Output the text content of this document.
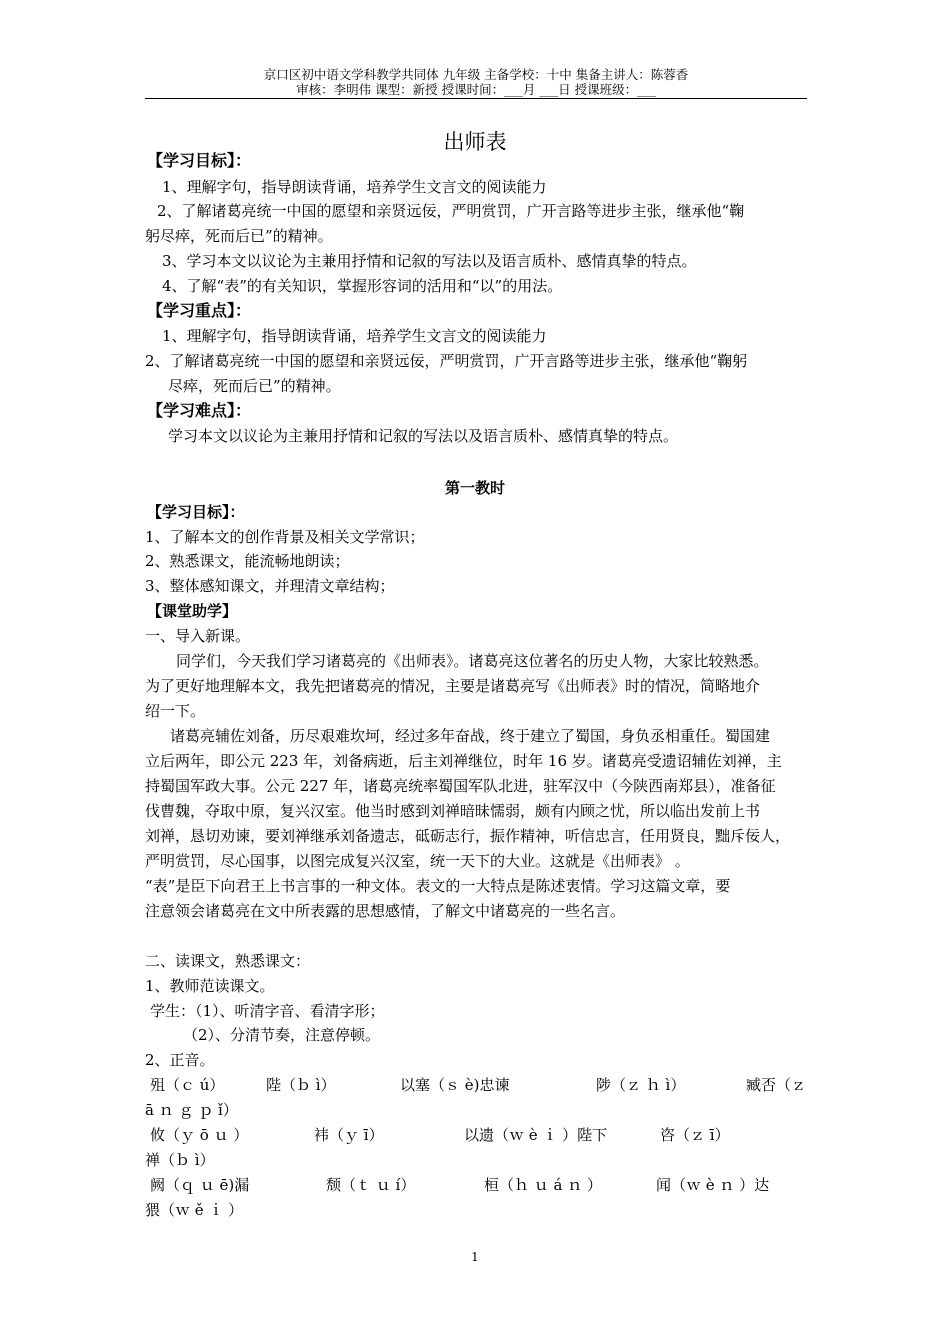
京口区初中语文学科教学共同体 九年级 主备学校：十中 集备主讲人：陈蓉香
审核：李明伟 课型：新授 授课时间：___月 ___日 授课班级：___
出师表
【学习目标】：
1、理解字句，指导朗读背诵，培养学生文言文的阅读能力
2、了解诸葛亮统一中国的愿望和亲贤远佞，严明赏罚，广开言路等进步主张，继承他“鞠
躬尽瘁，死而后已”的精神。
3、学习本文以议论为主兼用抒情和记叙的写法以及语言质朴、感情真挚的特点。
4、了解“表”的有关知识，掌握形容词的活用和“以”的用法。
【学习重点】：
1、理解字句，指导朗读背诵，培养学生文言文的阅读能力
2、了解诸葛亮统一中国的愿望和亲贤远佞，严明赏罚，广开言路等进步主张，继承他“鞠躬
尽瘁，死而后已”的精神。
【学习难点】：
学习本文以议论为主兼用抒情和记叙的写法以及语言质朴、感情真挚的特点。
第一教时
【学习目标】：
1、了解本文的创作背景及相关文学常识；
2、熟悉课文，能流畅地朗读；
3、整体感知课文，并理清文章结构；
【课堂助学】
一、导入新课。
同学们，今天我们学习诸葛亮的《出师表》。诸葛亮这位著名的历史人物，大家比较熟悉。
为了更好地理解本文，我先把诸葛亮的情况，主要是诸葛亮写《出师表》时的情况，简略地介
绍一下。
诸葛亮辅佐刘备，历尽艰难坎坷，经过多年奋战，终于建立了蜀国，身负丞相重任。蜀国建
立后两年，即公元 223 年，刘备病逝，后主刘禅继位，时年 16 岁。诸葛亮受遗诏辅佐刘禅，主
持蜀国军政大事。公元 227 年，诸葛亮统率蜀国军队北进，驻军汉中（今陕西南郑县），准备征
伐曹魏，夺取中原，复兴汉室。他当时感到刘禅暗昧懦弱，颇有内顾之忧，所以临出发前上书
刘禅，恳切劝谏，要刘禅继承刘备遗志，砥砺志行，振作精神，听信忠言，任用贤良，黜斥佞人，
严明赏罚，尽心国事，以图完成复兴汉室，统一天下的大业。这就是《出师表》 。
“表”是臣下向君王上书言事的一种文体。表文的一大特点是陈述衷情。学习这篇文章，要
注意领会诸葛亮在文中所表露的思想感情，了解文中诸葛亮的一些名言。
二、读课文，熟悉课文：
1、教师范读课文。
学生：（1）、听清字音、看清字形；
（2）、分清节奏，注意停顿。
2、正音。
殂（ｃ ú）	陛（ｂ ì）	以塞（ｓ è)忠谏	陟（ｚ ｈ ì）	臧否（ｚ
ā ｎ ｇ ｐ ǐ）
攸（ｙ ō ｕ ）	袆（ｙ ī）	以遗（ｗ è ｉ ）陛下	咨（ｚ ī）
禅（ｂ ì）
阙（ｑ ｕ ē)漏	颓（ｔ ｕ í）	桓（ｈ ｕ á ｎ ）	闻（ｗ è ｎ ）达
猥（ｗ ě ｉ ）
1
